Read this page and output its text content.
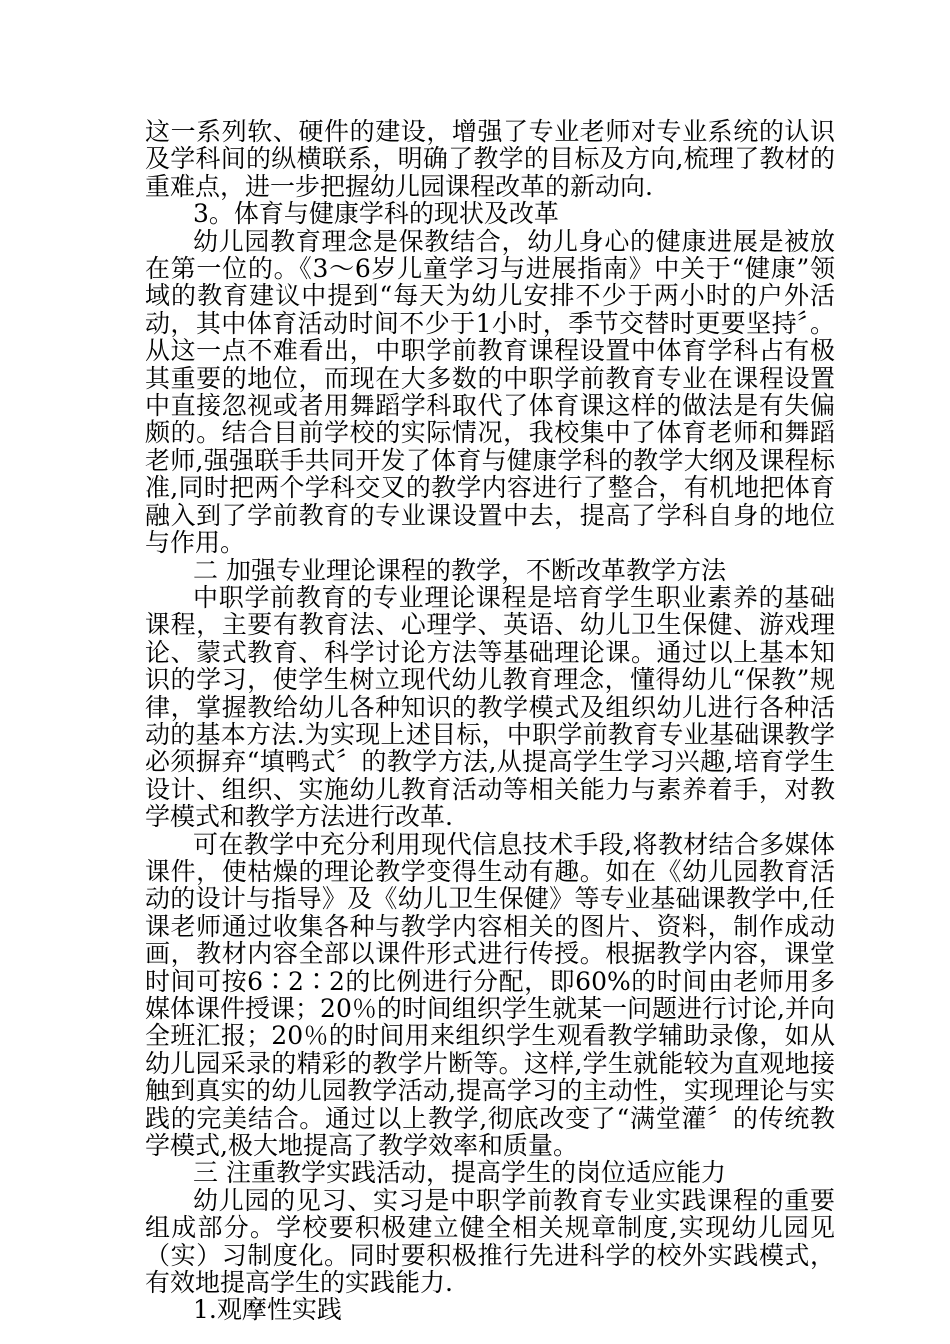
这一系列软、硬件的建设，增强了专业老师对专业系统的认识及学科间的纵横联系，明确了教学的目标及方向,梳理了教材的重难点，进一步把握幼儿园课程改革的新动向.

3。体育与健康学科的现状及改革

幼儿园教育理念是保教结合，幼儿身心的健康进展是被放在第一位的。《3～6岁儿童学习与进展指南》中关于“健康”领域的教育建议中提到“每天为幼儿安排不少于两小时的户外活动，其中体育活动时间不少于1小时，季节交替时更要坚持〞。从这一点不难看出，中职学前教育课程设置中体育学科占有极其重要的地位，而现在大多数的中职学前教育专业在课程设置中直接忽视或者用舞蹈学科取代了体育课这样的做法是有失偏颇的。结合目前学校的实际情况，我校集中了体育老师和舞蹈老师,强强联手共同开发了体育与健康学科的教学大纲及课程标准,同时把两个学科交叉的教学内容进行了整合，有机地把体育融入到了学前教育的专业课设置中去，提高了学科自身的地位与作用。

二 加强专业理论课程的教学，不断改革教学方法

中职学前教育的专业理论课程是培育学生职业素养的基础课程，主要有教育法、心理学、英语、幼儿卫生保健、游戏理论、蒙式教育、科学讨论方法等基础理论课。通过以上基本知识的学习，使学生树立现代幼儿教育理念，懂得幼儿“保教”规律，掌握教给幼儿各种知识的教学模式及组织幼儿进行各种活动的基本方法.为实现上述目标，中职学前教育专业基础课教学必须摒弃“填鸭式〞的教学方法,从提高学生学习兴趣,培育学生设计、组织、实施幼儿教育活动等相关能力与素养着手，对教学模式和教学方法进行改革.

可在教学中充分利用现代信息技术手段,将教材结合多媒体课件，使枯燥的理论教学变得生动有趣。如在《幼儿园教育活动的设计与指导》及《幼儿卫生保健》等专业基础课教学中,任课老师通过收集各种与教学内容相关的图片、资料，制作成动画，教材内容全部以课件形式进行传授。根据教学内容，课堂时间可按6∶2∶2的比例进行分配，即60%的时间由老师用多媒体课件授课；20％的时间组织学生就某一问题进行讨论,并向全班汇报；20％的时间用来组织学生观看教学辅助录像，如从幼儿园采录的精彩的教学片断等。这样,学生就能较为直观地接触到真实的幼儿园教学活动,提高学习的主动性，实现理论与实践的完美结合。通过以上教学,彻底改变了“满堂灌〞的传统教学模式,极大地提高了教学效率和质量。

三 注重教学实践活动，提高学生的岗位适应能力

幼儿园的见习、实习是中职学前教育专业实践课程的重要组成部分。学校要积极建立健全相关规章制度,实现幼儿园见（实）习制度化。同时要积极推行先进科学的校外实践模式，有效地提高学生的实践能力.

1.观摩性实践
